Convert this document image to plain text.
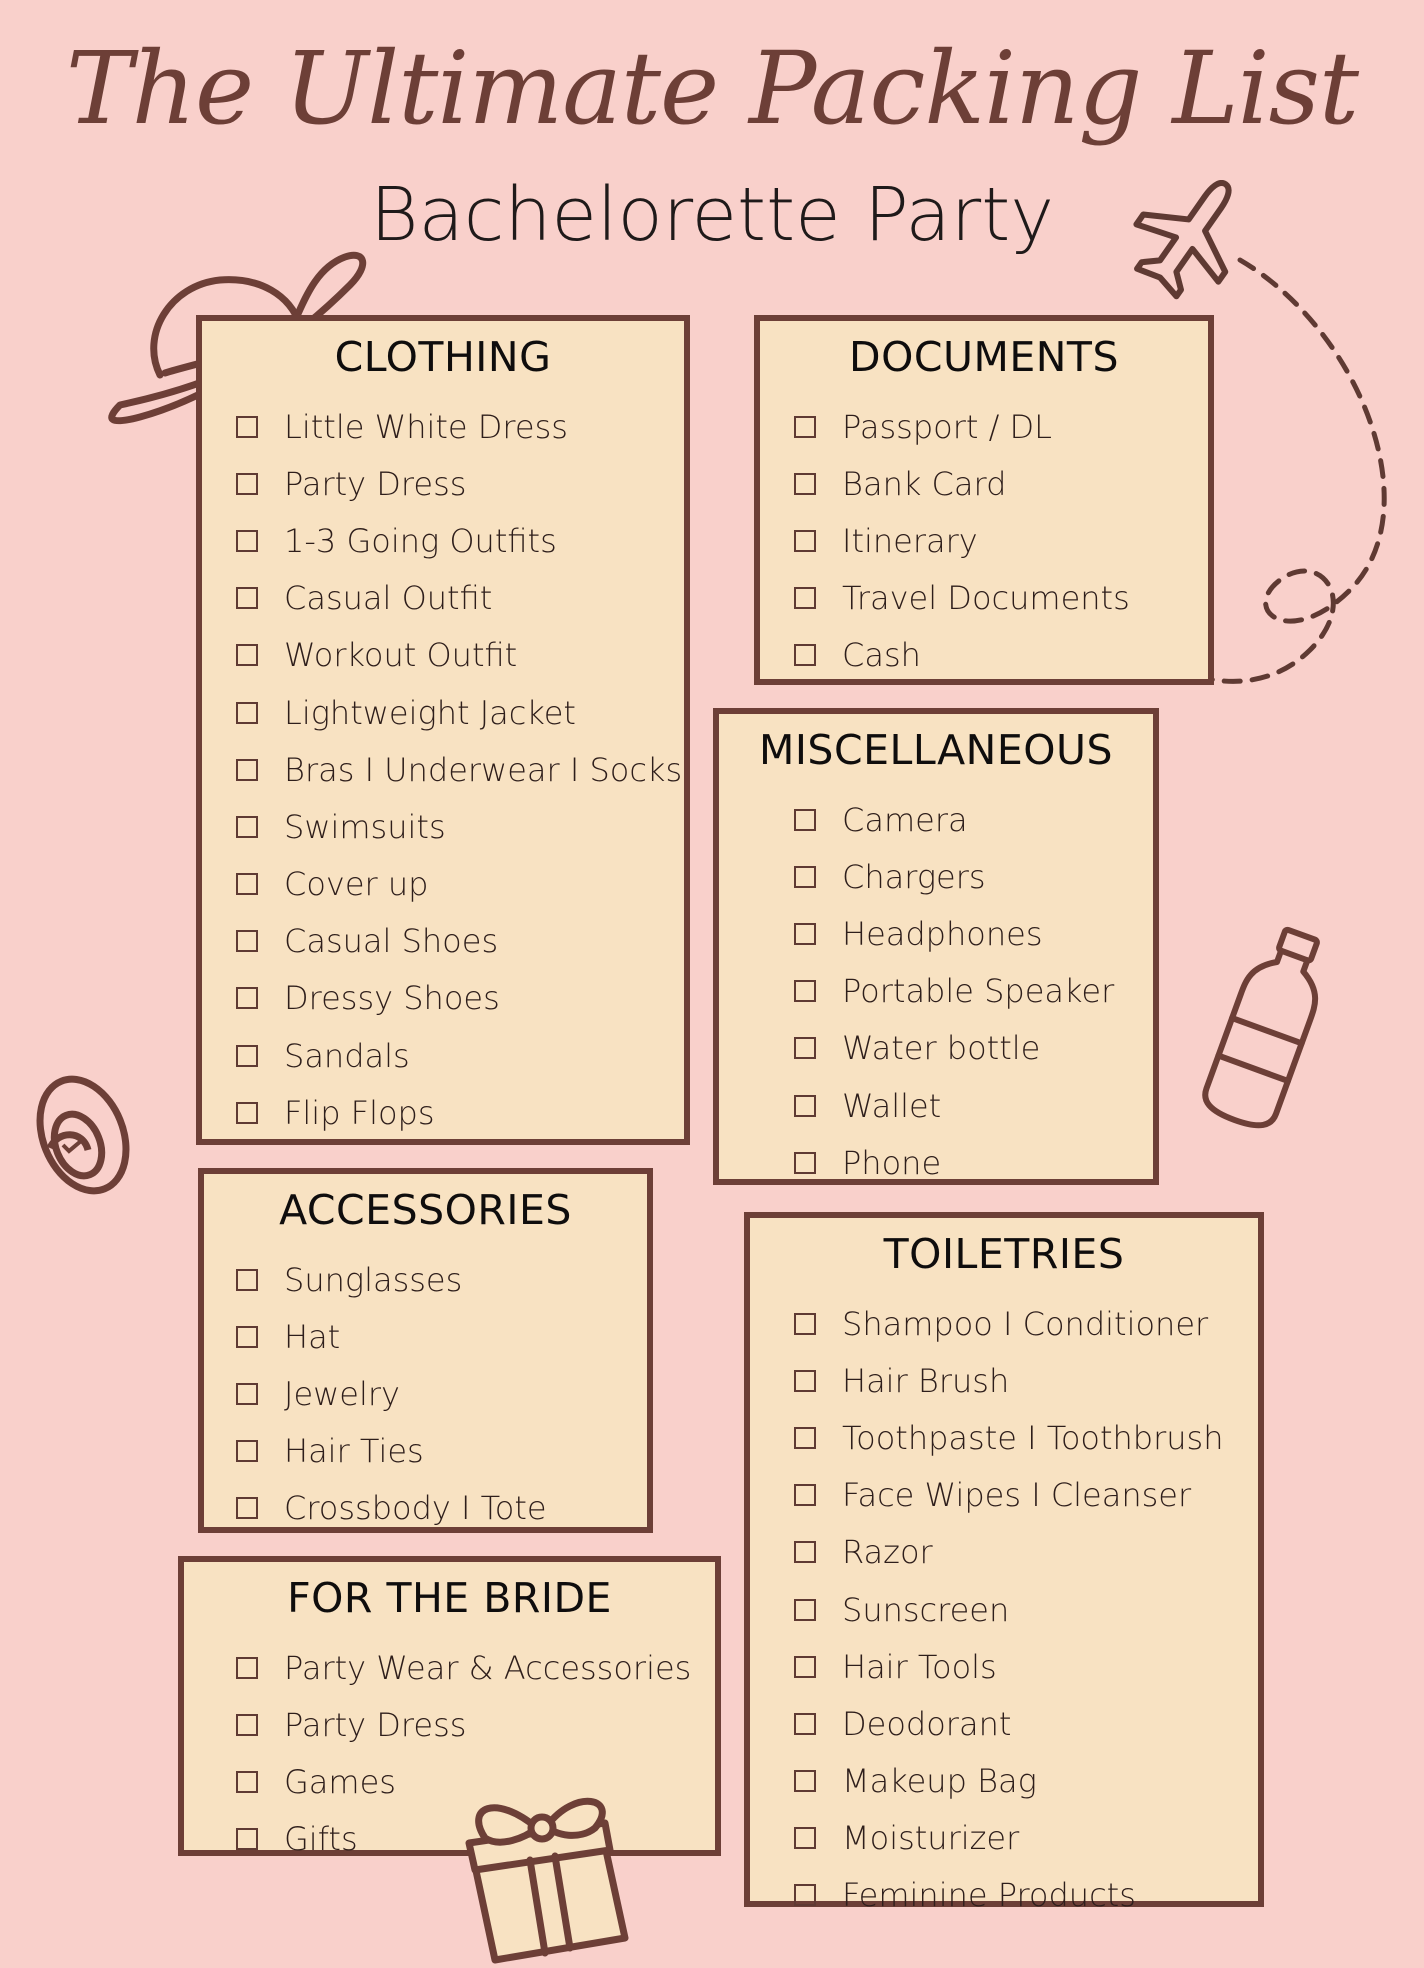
The Ultimate Packing List
Bachelorette Party
CLOTHING
Little White Dress
Party Dress
1-3 Going Outfits
Casual Outfit
Workout Outfit
Lightweight Jacket
Bras I Underwear I Socks
Swimsuits
Cover up
Casual Shoes
Dressy Shoes
Sandals
Flip Flops
DOCUMENTS
Passport / DL
Bank Card
Itinerary
Travel Documents
Cash
MISCELLANEOUS
Camera
Chargers
Headphones
Portable Speaker
Water bottle
Wallet
Phone
ACCESSORIES
Sunglasses
Hat
Jewelry
Hair Ties
Crossbody I Tote
TOILETRIES
Shampoo I Conditioner
Hair Brush
Toothpaste I Toothbrush
Face Wipes I Cleanser
Razor
Sunscreen
Hair Tools
Deodorant
Makeup Bag
Moisturizer
Feminine Products
FOR THE BRIDE
Party Wear & Accessories
Party Dress
Games
Gifts
